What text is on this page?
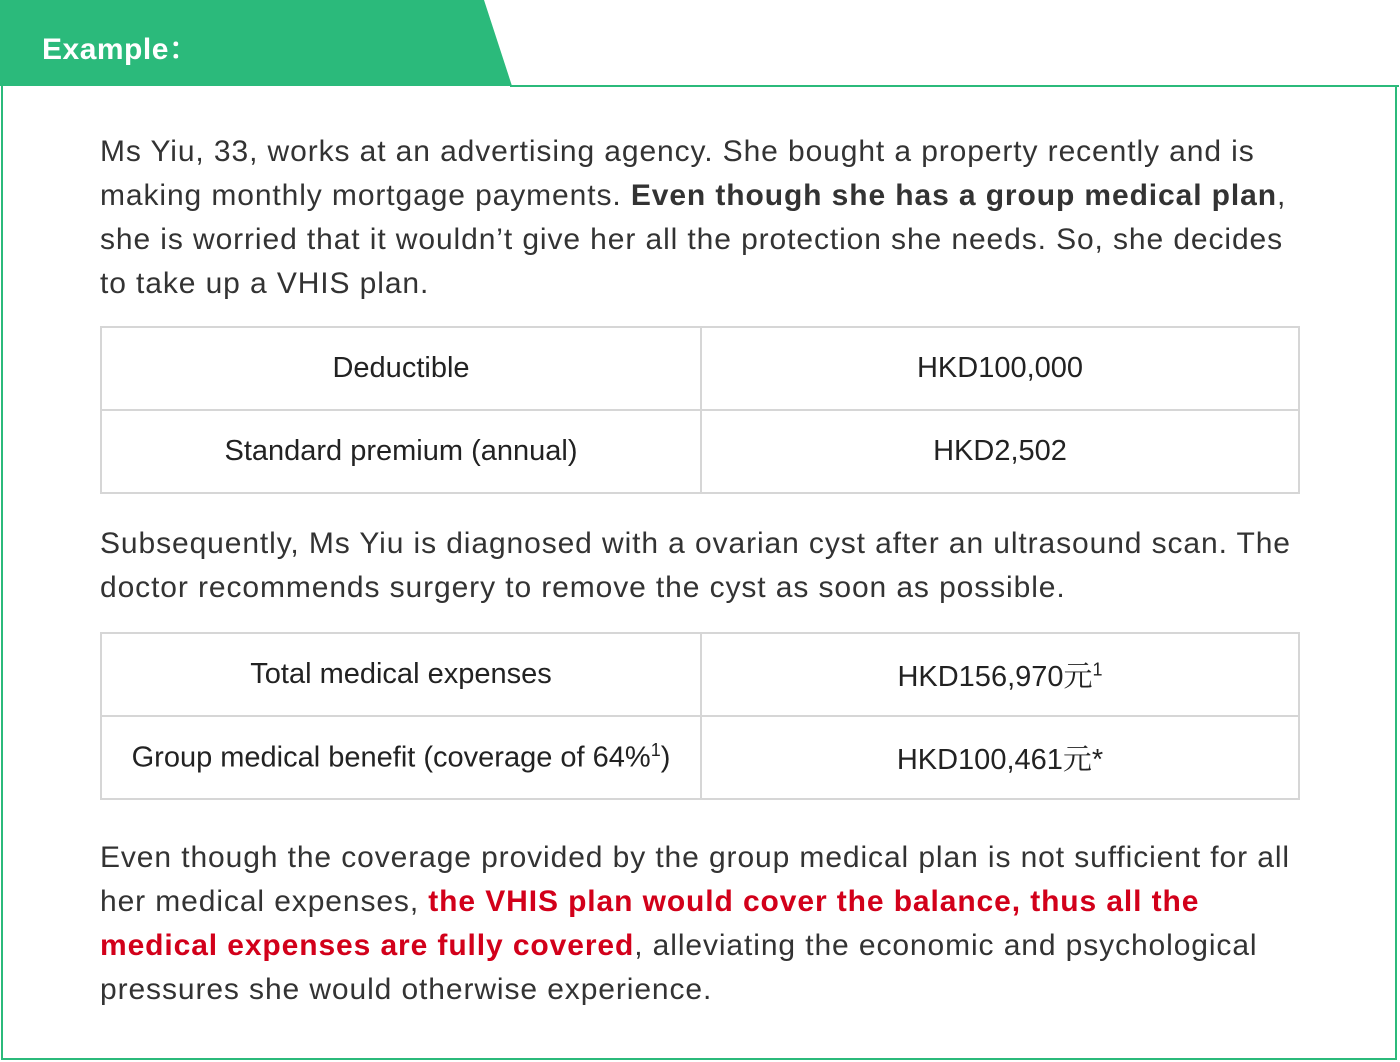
Example：

Ms Yiu, 33, works at an advertising agency. She bought a property recently and is making monthly mortgage payments. Even though she has a group medical plan, she is worried that it wouldn’t give her all the protection she needs. So, she decides to take up a VHIS plan.

Deductible	HKD100,000
Standard premium (annual)	HKD2,502

Subsequently, Ms Yiu is diagnosed with a ovarian cyst after an ultrasound scan. The doctor recommends surgery to remove the cyst as soon as possible.

Total medical expenses	HKD156,970元$^1$
Group medical benefit (coverage of 64%$^1$)	HKD100,461元*

Even though the coverage provided by the group medical plan is not sufficient for all her medical expenses, the VHIS plan would cover the balance, thus all the medical expenses are fully covered, alleviating the economic and psychological pressures she would otherwise experience.
